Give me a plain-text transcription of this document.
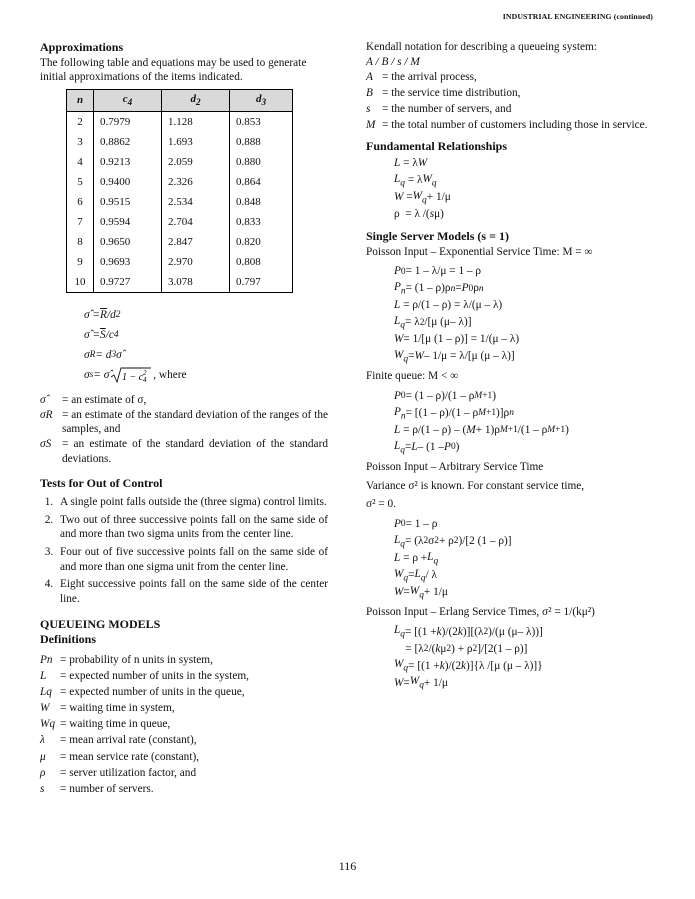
INDUSTRIAL ENGINEERING (continued)
Approximations

The following table and equations may be used to generate initial approximations of the items indicated.

n	$c_4$	$d_2$	$d_3$
2	0.7979	1.128	0.853
3	0.8862	1.693	0.888
4	0.9213	2.059	0.880
5	0.9400	2.326	0.864
6	0.9515	2.534	0.848
7	0.9594	2.704	0.833
8	0.9650	2.847	0.820
9	0.9693	2.970	0.808
10	0.9727	3.078	0.797
σ̂ = $\overline{R}$ /d 2
σ̂ = $\overline{S}$ /c 4
σ R = d 3 σ̂
σ s = σ̂ 1 − c 4
2 , where
σ̂	= an estimate of σ,
σR = an estimate of the standard deviation of the ranges of the samples, and
σS = an estimate of the standard deviation of the standard deviations.
Tests for Out of Control
1. A single point falls outside the (three sigma) control limits.
2. Two out of three successive points fall on the same side of and more than two sigma units from the center line.
3. Four out of five successive points fall on the same side of and more than one sigma unit from the center line.
4. Eight successive points fall on the same side of the center line.
QUEUEING MODELS
Definitions
Pn = probability of n units in system,
L	= expected number of units in the system,
Lq = expected number of units in the queue,
W = waiting time in system,
Wq = waiting time in queue,
λ	= mean arrival rate (constant),
μ	= mean service rate (constant),
ρ	= server utilization factor, and
s	= number of servers.

Kendall notation for describing a queueing system:

A / B / s / M

A = the arrival process,
B = the service time distribution,
s	= the number of servers, and
M = the total number of customers including those in service.
Fundamental Relationships
L = λ W
$L_q = \lambda$ $W_q$
$W = W_q + 1/\mu$
ρ  = λ /( s μ)
Single Server Models (s = 1)

Poisson Input – Exponential Service Time: M = ∞

P 0 = 1 – λ/μ = 1 – ρ
$P_n = (1 - \rho)\rho$ n = P 0 ρ n
L = ρ/(1 – ρ) = λ/(μ – λ)
$L_q = \lambda$ 2 /[μ (μ– λ)]
W = 1/[μ (1 – ρ)] = 1/(μ – λ)
$W_q = W - 1/\mu = \lambda/[\mu$ (μ – λ)]

Finite queue: M < ∞

P 0 = (1 – ρ)/(1 – ρ M+1 )
$P_n = [(1 - \rho)/(1 - \rho$ M+1 )]ρ n
L = ρ/(1 – ρ) – ( M + 1)ρ M+1 /(1 – ρ M+1 )
$L_q = L - (1 - P$ 0 )

Poisson Input – Arbitrary Service Time

Variance σ² is known. For constant service time,

σ² = 0.

P 0 = 1 – ρ
$L_q = (\lambda$ 2 σ 2 + ρ 2 )/[2 (1 – ρ)]
$L = \rho + L_q$
$W_q = L_q / \lambda$
$W = W_q + 1/\mu$

Poisson Input – Erlang Service Times, σ² = 1/(kμ²)

$L_q = [(1 + k$ )/(2 k )][(λ 2 )/(μ (μ– λ))]
= [λ 2 /( k μ 2 ) + ρ 2 ]/[2(1 – ρ)]
$W_q = [(1 + k$ )/(2 k )]{λ /[μ (μ – λ)]}
$W = W_q + 1/\mu$
116
